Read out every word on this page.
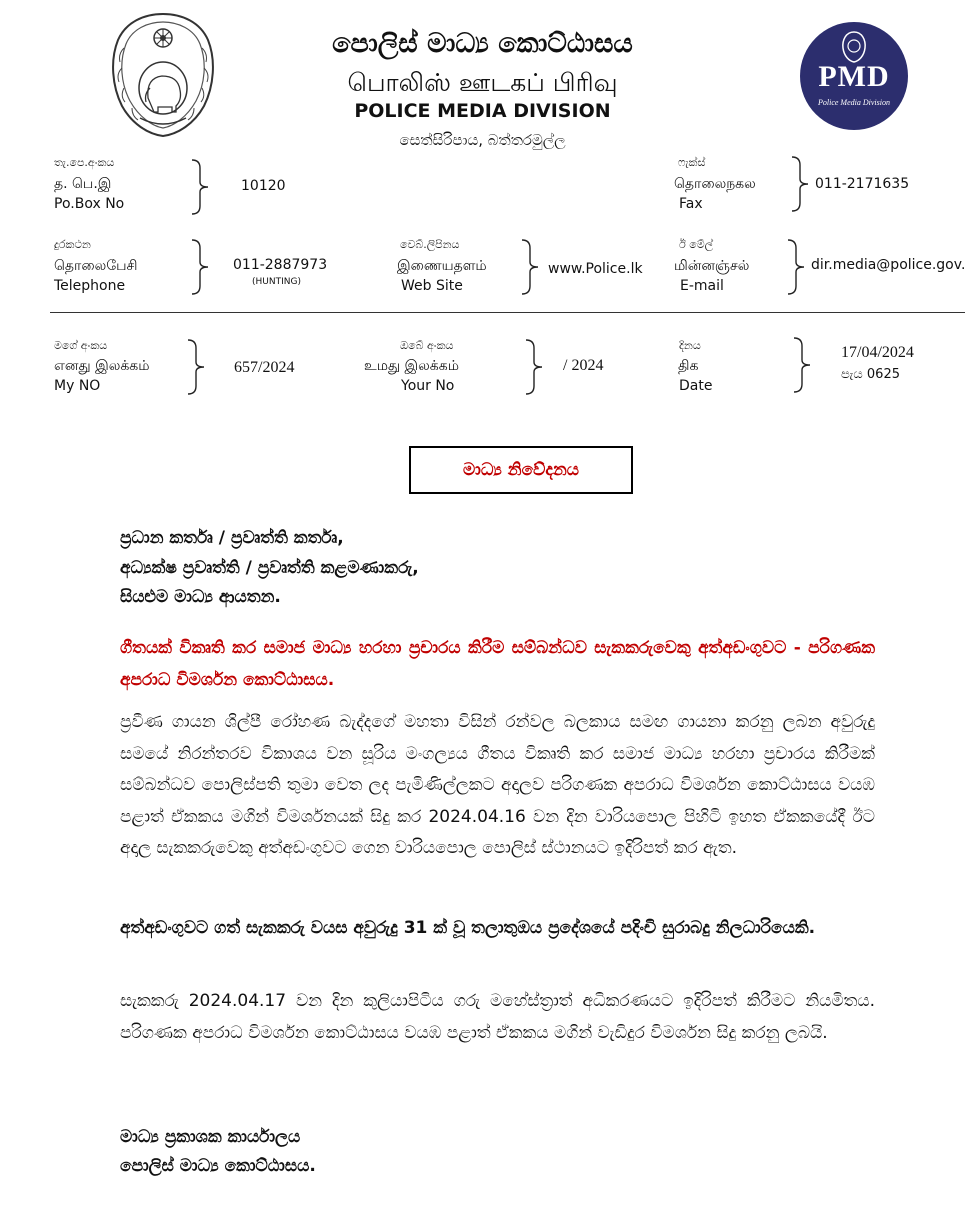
පොලිස් මාධ්‍ය කොට්ඨාසය
பொலிஸ் ஊடகப் பிரிவு
POLICE MEDIA DIVISION
සෙත්සිරිපාය, බත්තරමුල්ල
PMD
Police Media Division
තැ.පෙ.අංකය
த. பெ.இ
Po.Box No
10120
ෆැක්ස්
தொலைநகல
Fax
011-2171635
දුරකථන
தொலைபேசி
Telephone
011-2887973
(HUNTING)
වෙබ්.ලිපිනය
இணையதளம்
Web Site
www.Police.lk
ඊ මේල්
மின்னஞ்சல்
E-mail
dir.media@police.gov.
මගේ අංකය
எனது இலக்கம்
My NO
657/2024
ඔබේ අංකය
உமது இலக்கம்
Your No
/ 2024
දිනය
திக
Date
17/04/2024
පැය 0625
මාධ්‍ය නිවේදනය
ප්‍රධාන කර්තෘ / ප්‍රවෘත්ති කර්තෘ,
අධ්‍යක්ෂ ප්‍රවෘත්ති / ප්‍රවෘත්ති කළමණාකරු,
සියළුම මාධ්‍ය ආයතන.
ගීතයක් විකෘති කර සමාජ මාධ්‍ය හරහා ප්‍රචාරය කිරීම සම්බන්ධව සැකකරුවෙකු අත්අඩංගුවට - පරිගණක අපරාධ විමර්ශන කොට්ඨාසය.
ප්‍රවීණ ගායන ශිල්පී රෝහණ බැද්දගේ මහතා විසින් රන්වල බලකාය සමඟ ගායනා කරනු ලබන අවුරුදු සමයේ නිරන්තරව විකාශය වන සූරිය මංගල්‍යය ගීතය විකෘති කර සමාජ මාධ්‍ය හරහා ප්‍රචාරය කිරීමක් සම්බන්ධව පොලිස්පති තුමා වෙත ලද පැමිණිල්ලකට අදාලව පරිගණක අපරාධ විමර්ශන කොට්ඨාසය වයඹ පළාත් ඒකකය මගින් විමර්ශනයක් සිදු කර 2024.04.16 වන දින වාරියපොල පිහිටි ඉහත ඒකකයේදී ඊට අදාල සැකකරුවෙකු අත්අඩංගුවට ගෙන වාරියපොල පොලිස් ස්ථානයට ඉදිරිපත් කර ඇත.
අත්අඩංගුවට ගත් සැකකරු වයස අවුරුදු 31 ක් වූ තලාතුඔය ප්‍රදේශයේ පදිංචි සුරාබදු නිලධාරියෙකි.
සැකකරු 2024.04.17 වන දින කුලියාපිටිය ගරු මහේස්ත්‍රාත් අධිකරණයට ඉදිරිපත් කිරීමට නියමිතය. පරිගණක අපරාධ විමර්ශන කොට්ඨාසය වයඹ පළාත් ඒකකය මගින් වැඩිදුර විමර්ශන සිදු කරනු ලබයි.
මාධ්‍ය ප්‍රකාශක කාර්යාලය
පොලිස් මාධ්‍ය කොට්ඨාසය.
